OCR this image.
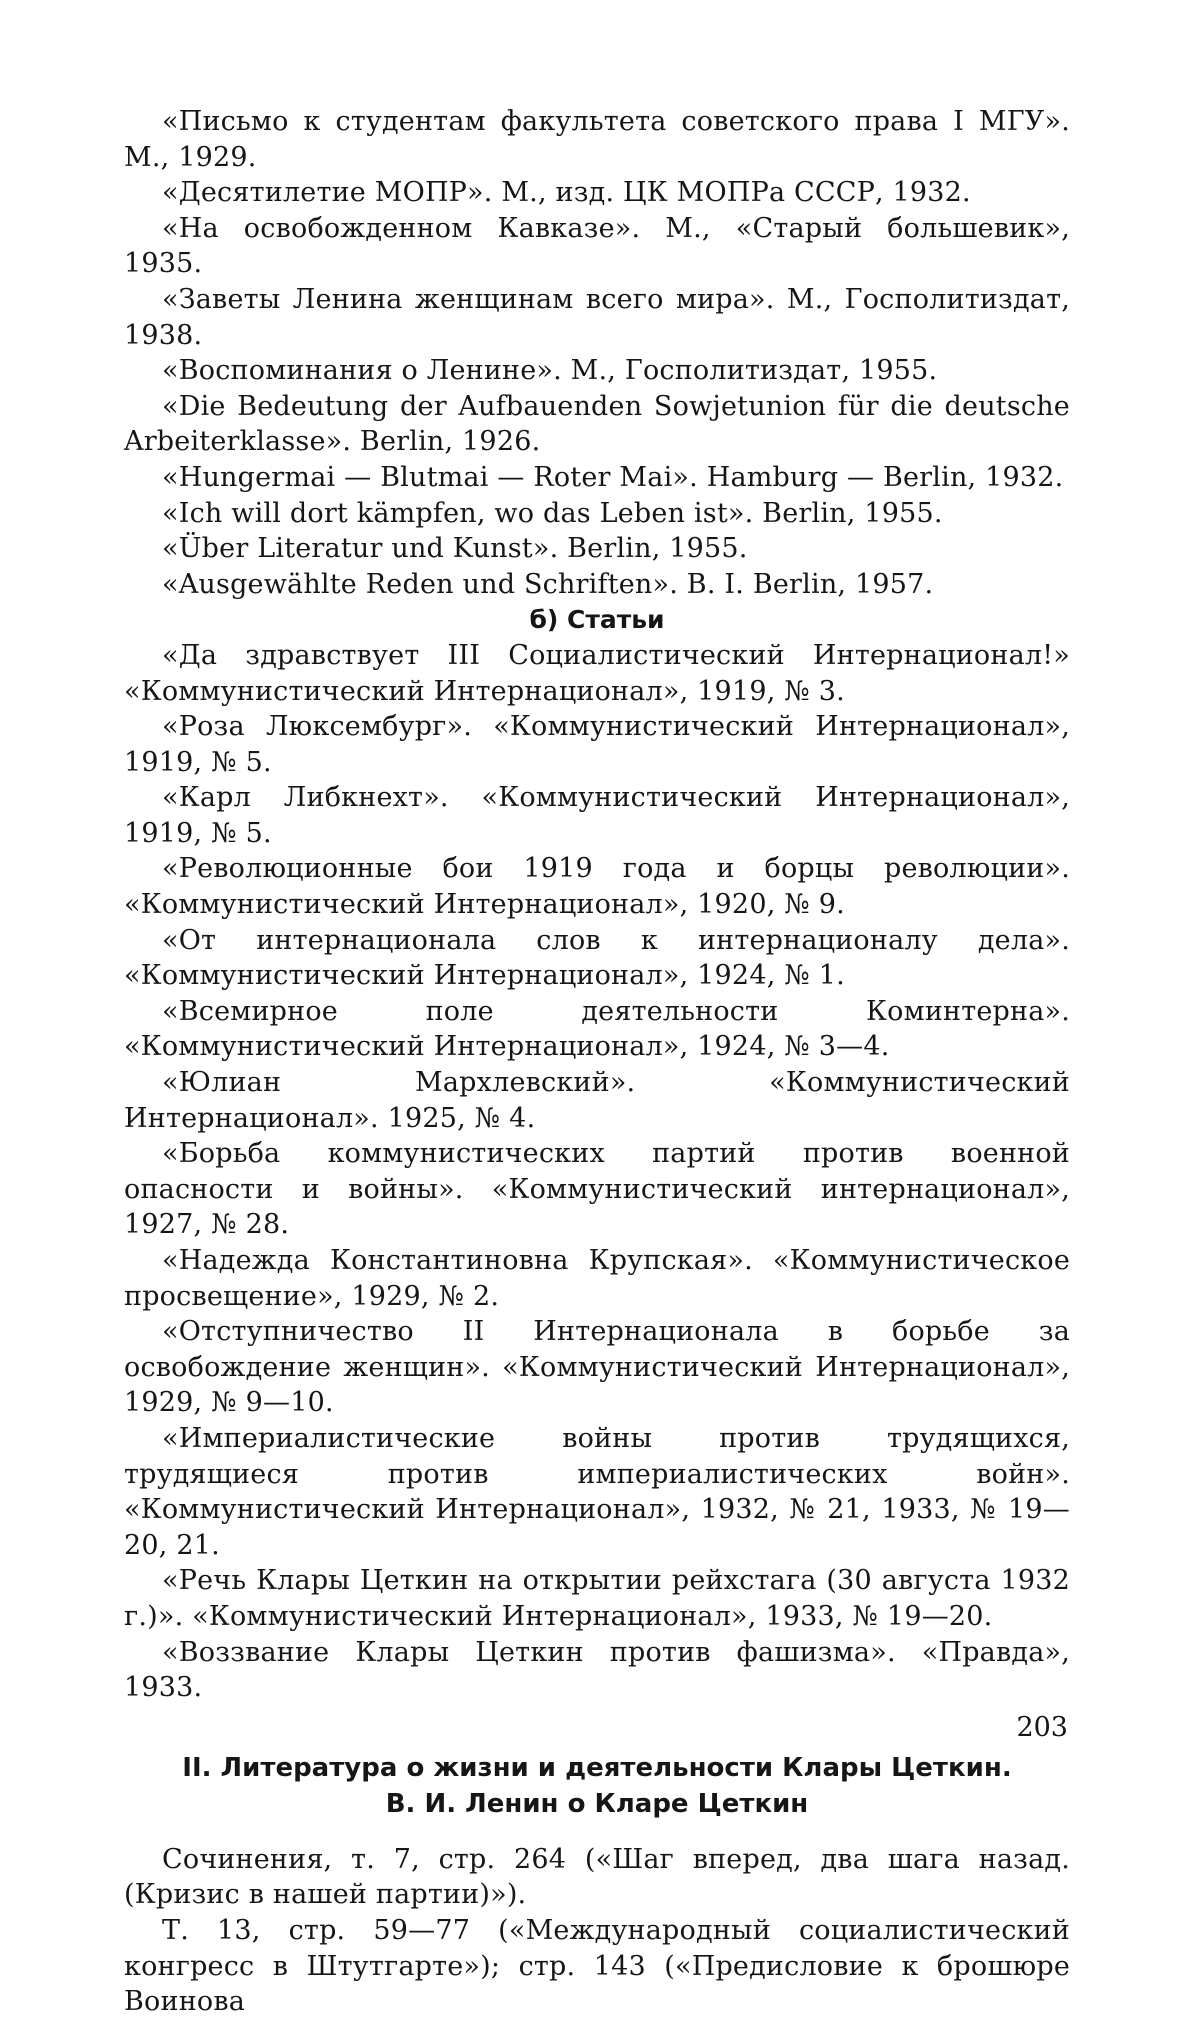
«Письмо к студентам факультета советского права I МГУ». М., 1929.

«Десятилетие МОПР». М., изд. ЦК МОПРа СССР, 1932.

«На освобожденном Кавказе». М., «Старый большевик», 1935.

«Заветы Ленина женщинам всего мира». М., Госполитиздат, 1938.

«Воспоминания о Ленине». М., Госполитиздат, 1955.

«Die Bedeutung der Aufbauenden Sowjetunion für die deutsche Arbeiterklasse». Berlin, 1926.

«Hungermai — Blutmai — Roter Mai». Hamburg — Berlin, 1932.

«Ich will dort kämpfen, wo das Leben ist». Berlin, 1955.

«Über Literatur und Kunst». Berlin, 1955.

«Ausgewählte Reden und Schriften». B. I. Berlin, 1957.

б) Статьи

«Да здравствует III Социалистический Интернационал!» «Коммунистический Интернационал», 1919, № 3.

«Роза Люксембург». «Коммунистический Интернационал», 1919, № 5.

«Карл Либкнехт». «Коммунистический Интернационал», 1919, № 5.

«Революционные бои 1919 года и борцы революции». «Коммунистический Интернационал», 1920, № 9.

«От интернационала слов к интернационалу дела». «Коммунистический Интернационал», 1924, № 1.

«Всемирное поле деятельности Коминтерна». «Коммунистический Интернационал», 1924, № 3—4.

«Юлиан Мархлевский». «Коммунистический Интернационал». 1925, № 4.

«Борьба коммунистических партий против военной опасности и войны». «Коммунистический интернационал», 1927, № 28.

«Надежда Константиновна Крупская». «Коммунистическое просвещение», 1929, № 2.

«Отступничество II Интернационала в борьбе за освобождение женщин». «Коммунистический Интернационал», 1929, № 9—10.

«Империалистические войны против трудящихся, трудящиеся против империалистических войн». «Коммунистический Интернационал», 1932, № 21, 1933, № 19—20, 21.

«Речь Клары Цеткин на открытии рейхстага (30 августа 1932 г.)». «Коммунистический Интернационал», 1933, № 19—20.

«Воззвание Клары Цеткин против фашизма». «Правда», 1933.

II. Литература о жизни и деятельности Клары Цеткин.
В. И. Ленин о Кларе Цеткин

Сочинения, т. 7, стр. 264 («Шаг вперед, два шага назад. (Кризис в нашей партии)»).

Т. 13, стр. 59—77 («Международный социалистический конгресс в Штутгарте»); стр. 143 («Предисловие к брошюре Воинова

203
